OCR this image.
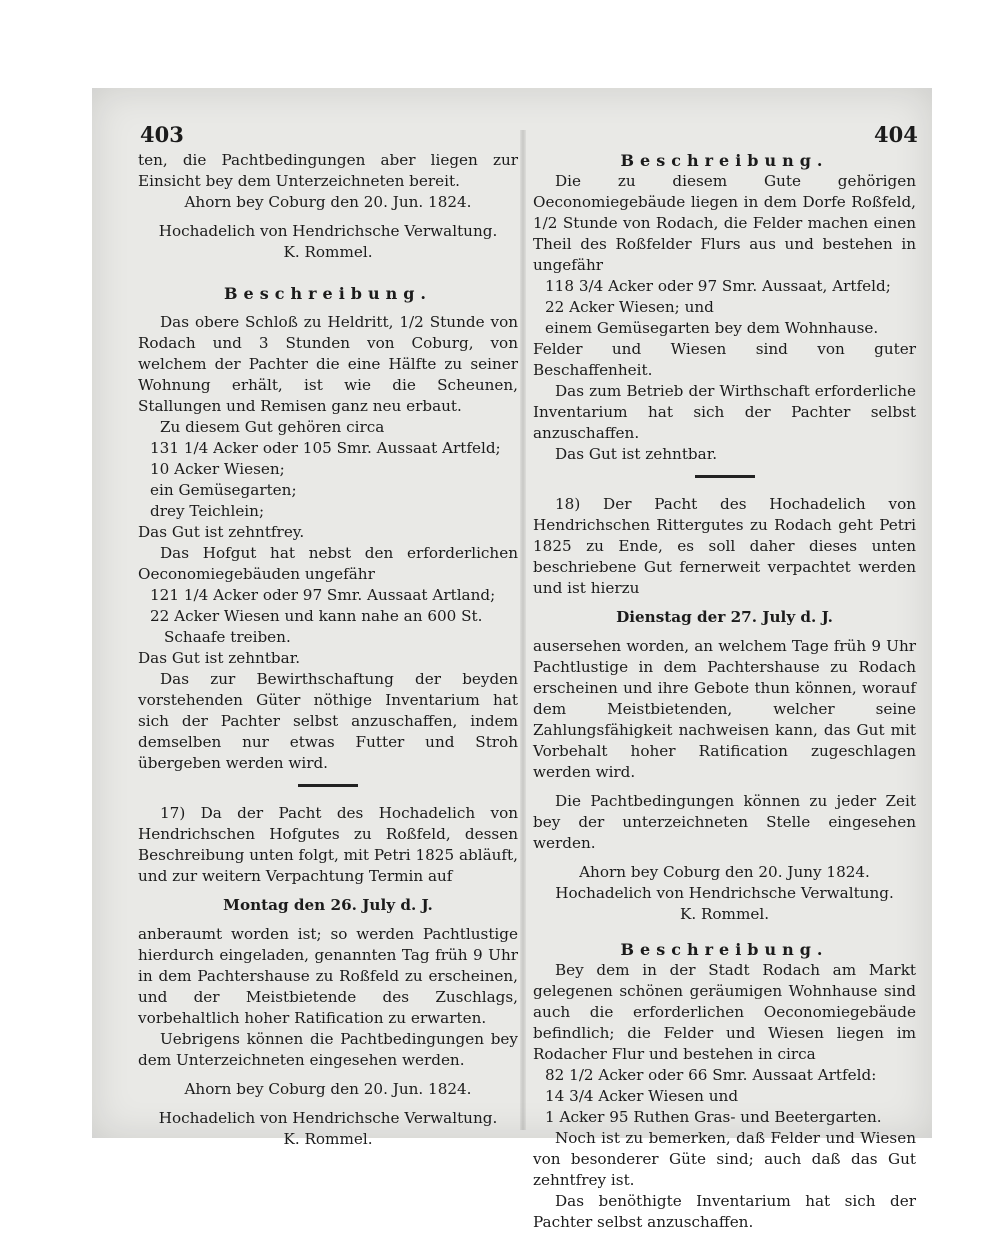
403	404

ten, die Pachtbedingungen aber liegen zur Einsicht bey dem Unterzeichneten bereit.

Ahorn bey Coburg den 20. Jun. 1824.

Hochadelich von Hendrichsche Verwaltung.

K. Rommel.

Beschreibung.

Das obere Schloß zu Heldritt, 1/2 Stunde von Rodach und 3 Stunden von Coburg, von welchem der Pachter die eine Hälfte zu seiner Wohnung erhält, ist wie die Scheunen, Stallungen und Remisen ganz neu erbaut.

Zu diesem Gut gehören circa

131 1/4 Acker oder 105 Smr. Aussaat Artfeld;

10 Acker Wiesen;

ein Gemüsegarten;

drey Teichlein;

Das Gut ist zehntfrey.

Das Hofgut hat nebst den erforderlichen Oeconomiegebäuden ungefähr

121 1/4 Acker oder 97 Smr. Aussaat Artland;

22 Acker Wiesen und kann nahe an 600 St. Schaafe treiben.

Das Gut ist zehntbar.

Das zur Bewirthschaftung der beyden vorstehenden Güter nöthige Inventarium hat sich der Pachter selbst anzuschaffen, indem demselben nur etwas Futter und Stroh übergeben werden wird.

17) Da der Pacht des Hochadelich von Hendrichschen Hofgutes zu Roßfeld, dessen Beschreibung unten folgt, mit Petri 1825 abläuft, und zur weitern Verpachtung Termin auf

Montag den 26. July d. J.

anberaumt worden ist; so werden Pachtlustige hierdurch eingeladen, genannten Tag früh 9 Uhr in dem Pachtershause zu Roßfeld zu erscheinen, und der Meistbietende des Zuschlags, vorbehaltlich hoher Ratification zu erwarten.

Uebrigens können die Pachtbedingungen bey dem Unterzeichneten eingesehen werden.

Ahorn bey Coburg den 20. Jun. 1824.

Hochadelich von Hendrichsche Verwaltung.

K. Rommel.

Beschreibung.

Die zu diesem Gute gehörigen Oeconomiegebäude liegen in dem Dorfe Roßfeld, 1/2 Stunde von Rodach, die Felder machen einen Theil des Roßfelder Flurs aus und bestehen in ungefähr

118 3/4 Acker oder 97 Smr. Aussaat, Artfeld;

22 Acker Wiesen; und

einem Gemüsegarten bey dem Wohnhause.

Felder und Wiesen sind von guter Beschaffenheit.

Das zum Betrieb der Wirthschaft erforderliche Inventarium hat sich der Pachter selbst anzuschaffen.

Das Gut ist zehntbar.

18) Der Pacht des Hochadelich von Hendrichschen Rittergutes zu Rodach geht Petri 1825 zu Ende, es soll daher dieses unten beschriebene Gut fernerweit verpachtet werden und ist hierzu

Dienstag der 27. July d. J.

ausersehen worden, an welchem Tage früh 9 Uhr Pachtlustige in dem Pachtershause zu Rodach erscheinen und ihre Gebote thun können, worauf dem Meistbietenden, welcher seine Zahlungsfähigkeit nachweisen kann, das Gut mit Vorbehalt hoher Ratification zugeschlagen werden wird.

Die Pachtbedingungen können zu jeder Zeit bey der unterzeichneten Stelle eingesehen werden.

Ahorn bey Coburg den 20. Juny 1824.

Hochadelich von Hendrichsche Verwaltung.

K. Rommel.

Beschreibung.

Bey dem in der Stadt Rodach am Markt gelegenen schönen geräumigen Wohnhause sind auch die erforderlichen Oeconomiegebäude befindlich; die Felder und Wiesen liegen im Rodacher Flur und bestehen in circa

82 1/2 Acker oder 66 Smr. Aussaat Artfeld:

14 3/4 Acker Wiesen und

1 Acker 95 Ruthen Gras- und Beetergarten.

Noch ist zu bemerken, daß Felder und Wiesen von besonderer Güte sind; auch daß das Gut zehntfrey ist.

Das benöthigte Inventarium hat sich der Pachter selbst anzuschaffen.
